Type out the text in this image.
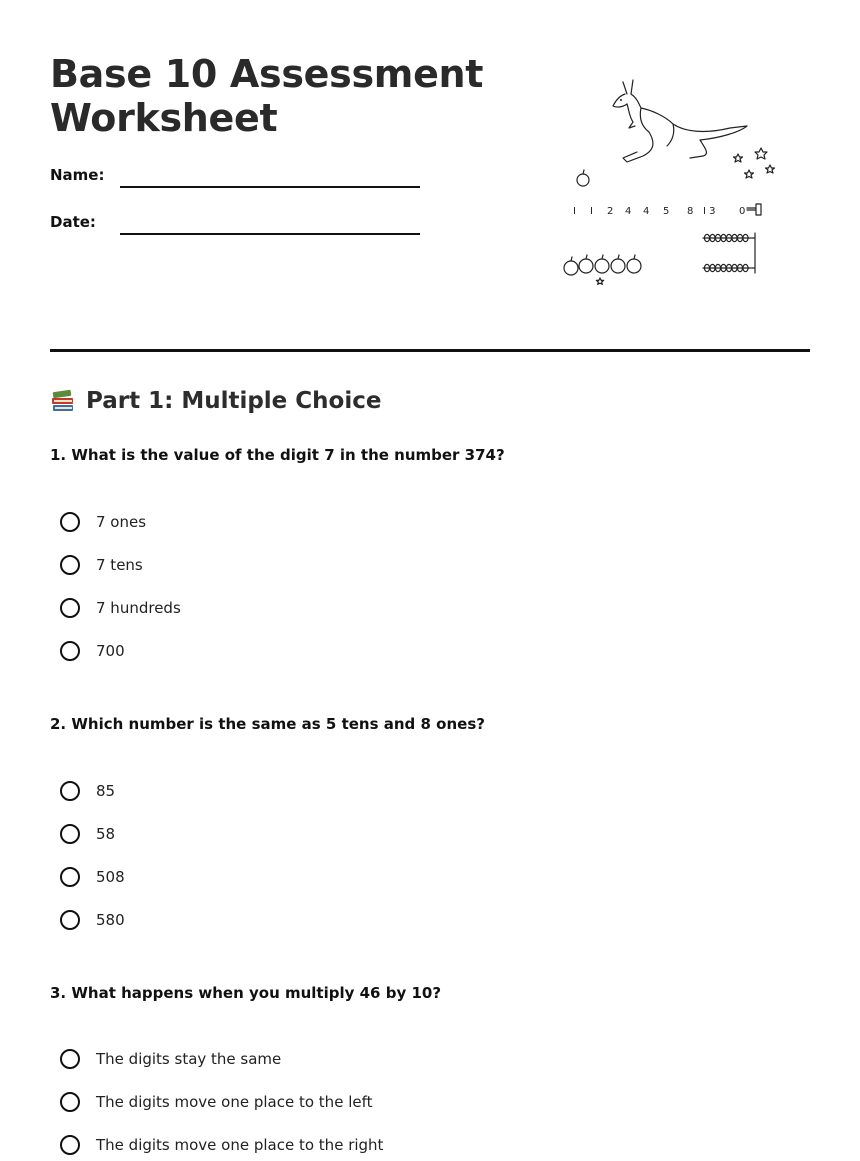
Base 10 Assessment
Worksheet
Name:
Date:
I I 2 4 4 5 8 I 3 0
Part 1: Multiple Choice

1. What is the value of the digit 7 in the number 374?

7 ones
7 tens
7 hundreds
700

2. Which number is the same as 5 tens and 8 ones?

85
58
508
580

3. What happens when you multiply 46 by 10?

The digits stay the same
The digits move one place to the left
The digits move one place to the right
